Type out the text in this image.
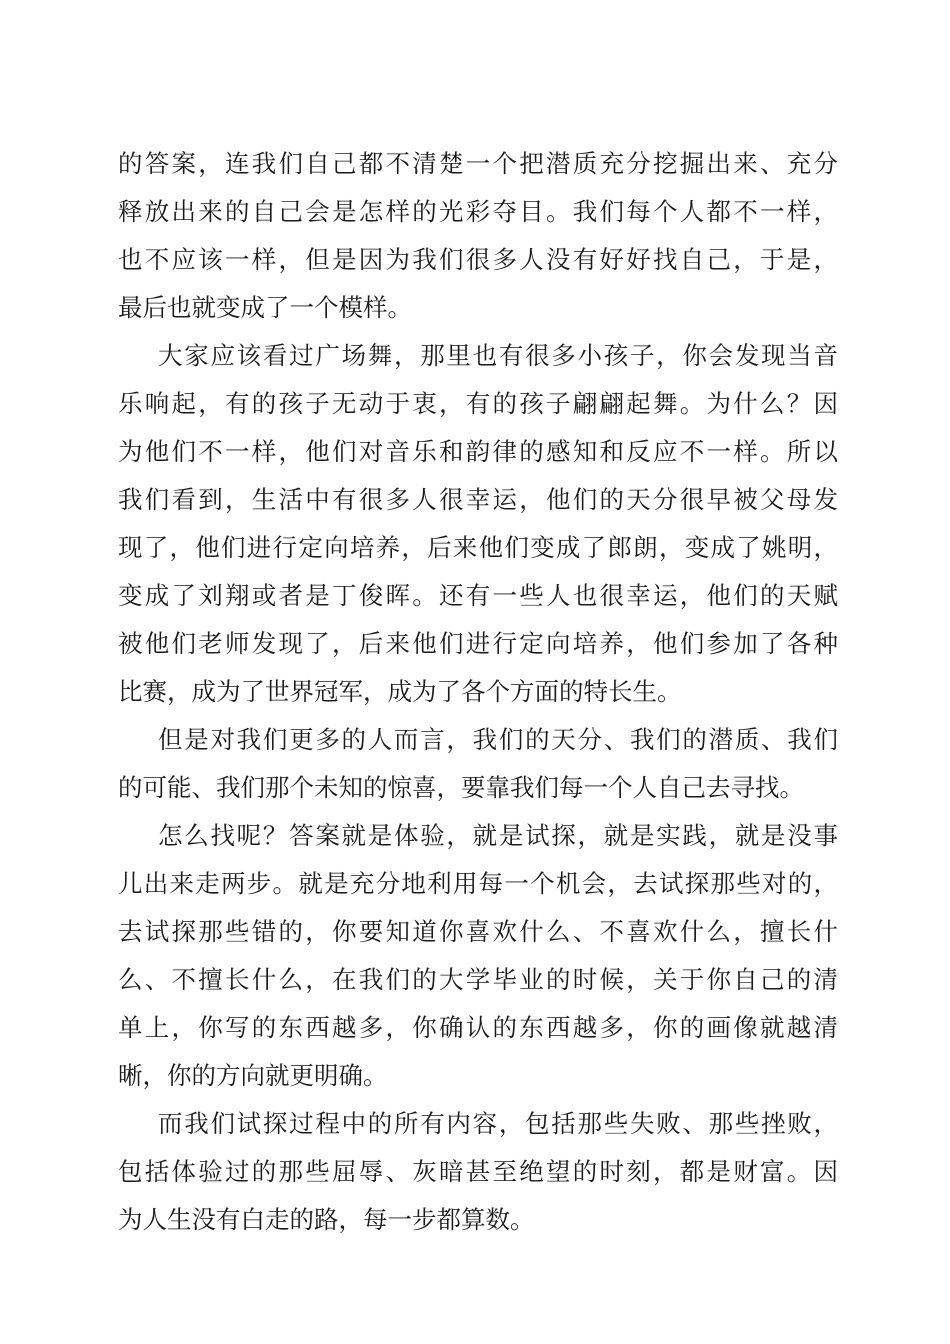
的答案，连我们自己都不清楚一个把潜质充分挖掘出来、充分
释放出来的自己会是怎样的光彩夺目。我们每个人都不一样，
也不应该一样，但是因为我们很多人没有好好找自己，于是，
最后也就变成了一个模样。
大家应该看过广场舞，那里也有很多小孩子，你会发现当音
乐响起，有的孩子无动于衷，有的孩子翩翩起舞。为什么？因
为他们不一样，他们对音乐和韵律的感知和反应不一样。所以
我们看到，生活中有很多人很幸运，他们的天分很早被父母发
现了，他们进行定向培养，后来他们变成了郎朗，变成了姚明，
变成了刘翔或者是丁俊晖。还有一些人也很幸运，他们的天赋
被他们老师发现了，后来他们进行定向培养，他们参加了各种
比赛，成为了世界冠军，成为了各个方面的特长生。
但是对我们更多的人而言，我们的天分、我们的潜质、我们
的可能、我们那个未知的惊喜，要靠我们每一个人自己去寻找。
怎么找呢？答案就是体验，就是试探，就是实践，就是没事
儿出来走两步。就是充分地利用每一个机会，去试探那些对的，
去试探那些错的，你要知道你喜欢什么、不喜欢什么，擅长什
么、不擅长什么，在我们的大学毕业的时候，关于你自己的清
单上，你写的东西越多，你确认的东西越多，你的画像就越清
晰，你的方向就更明确。
而我们试探过程中的所有内容，包括那些失败、那些挫败，
包括体验过的那些屈辱、灰暗甚至绝望的时刻，都是财富。因
为人生没有白走的路，每一步都算数。
